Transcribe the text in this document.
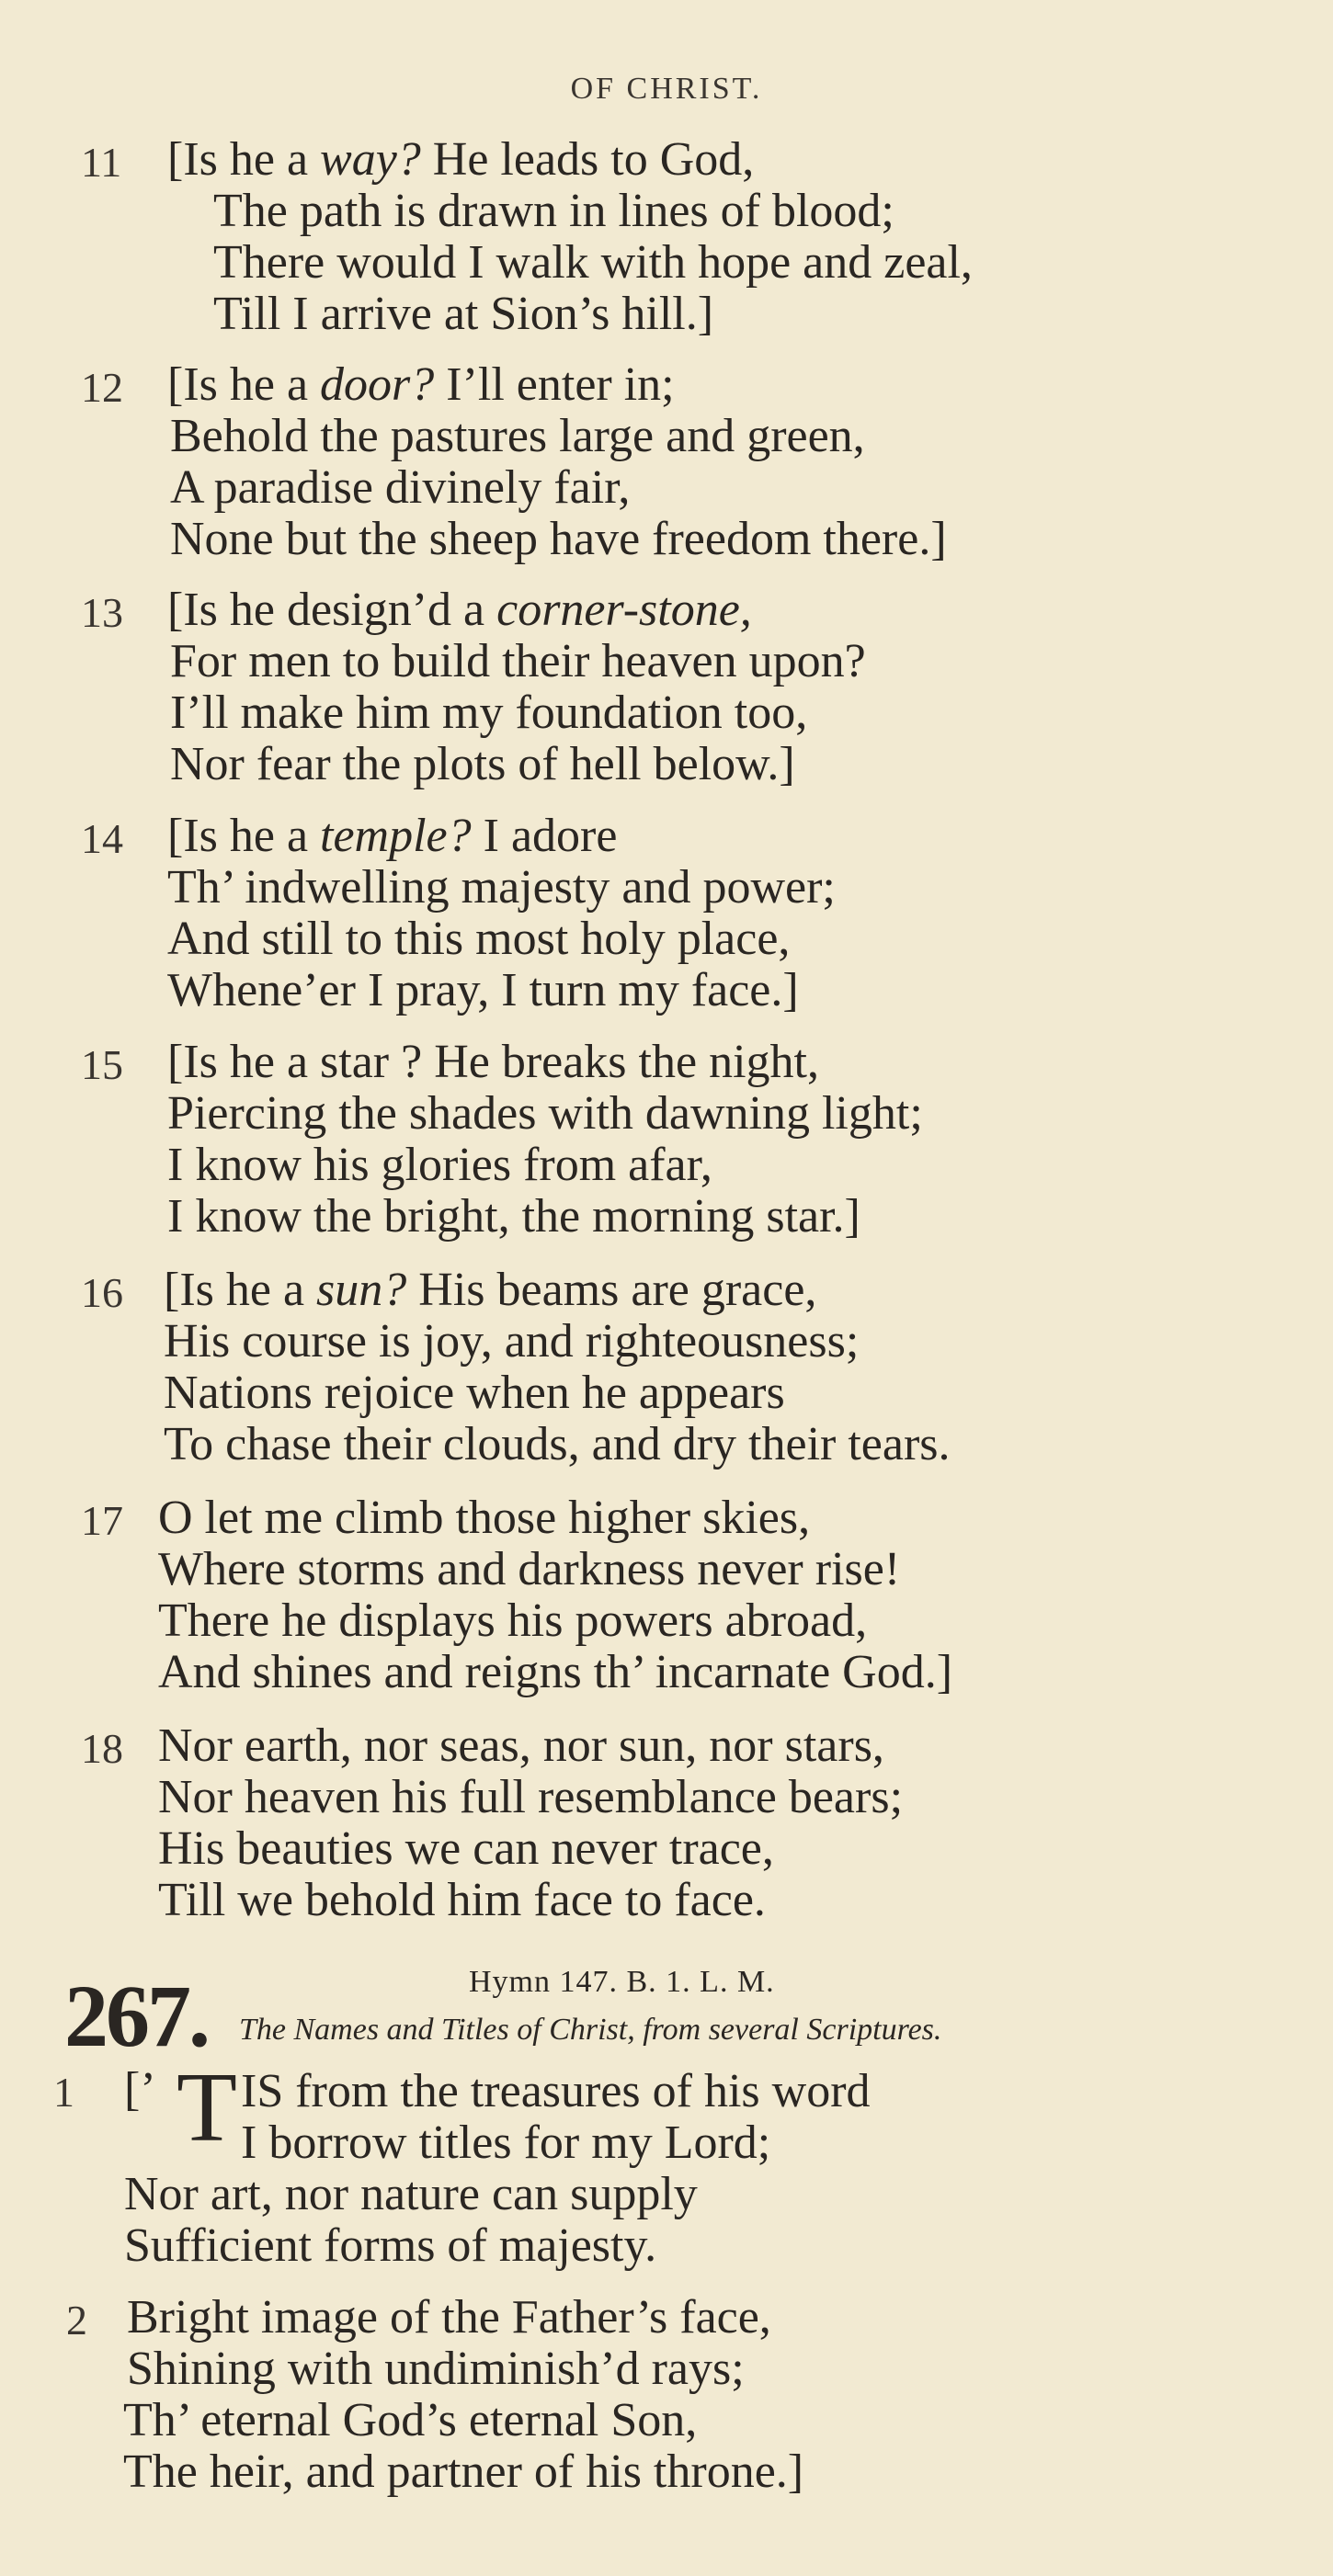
OF CHRIST.
11 [Is he a way? He leads to God,
The path is drawn in lines of blood;
There would I walk with hope and zeal,
Till I arrive at Sion’s hill.]
12 [Is he a door? I’ll enter in;
Behold the pastures large and green,
A paradise divinely fair,
None but the sheep have freedom there.]
13 [Is he design’d a corner-stone,
For men to build their heaven upon?
I’ll make him my foundation too,
Nor fear the plots of hell below.]
14 [Is he a temple? I adore
Th’ indwelling majesty and power;
And still to this most holy place,
Whene’er I pray, I turn my face.]
15 [Is he a star ? He breaks the night,
Piercing the shades with dawning light;
I know his glories from afar,
I know the bright, the morning star.]
16 [Is he a sun? His beams are grace,
His course is joy, and righteousness;
Nations rejoice when he appears
To chase their clouds, and dry their tears.
17 O let me climb those higher skies,
Where storms and darkness never rise!
There he displays his powers abroad,
And shines and reigns th’ incarnate God.]
18 Nor earth, nor seas, nor sun, nor stars,
Nor heaven his full resemblance bears;
His beauties we can never trace,
Till we behold him face to face.
267.	Hymn 147. B. 1. L. M.
The Names and Titles of Christ, from several Scriptures.
1 [’ T IS from the treasures of his word
I borrow titles for my Lord;
Nor art, nor nature can supply
Sufficient forms of majesty.
2 Bright image of the Father’s face,
Shining with undiminish’d rays;
Th’ eternal God’s eternal Son,
The heir, and partner of his throne.]
